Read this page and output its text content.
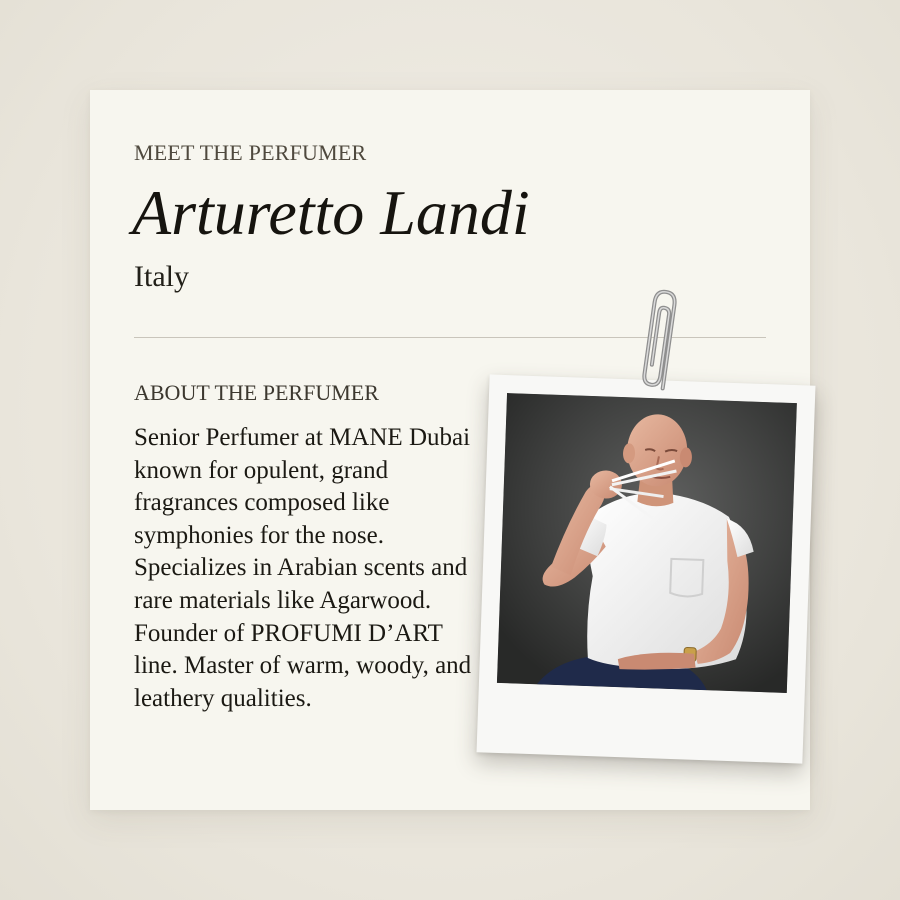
MEET THE PERFUMER
Arturetto Landi

Italy

ABOUT THE PERFUMER

Senior Perfumer at MANE Dubai known for opulent, grand fragrances composed like symphonies for the nose. Specializes in Arabian scents and rare materials like Agarwood. Founder of PROFUMI D’ART line. Master of warm, woody, and leathery qualities.
